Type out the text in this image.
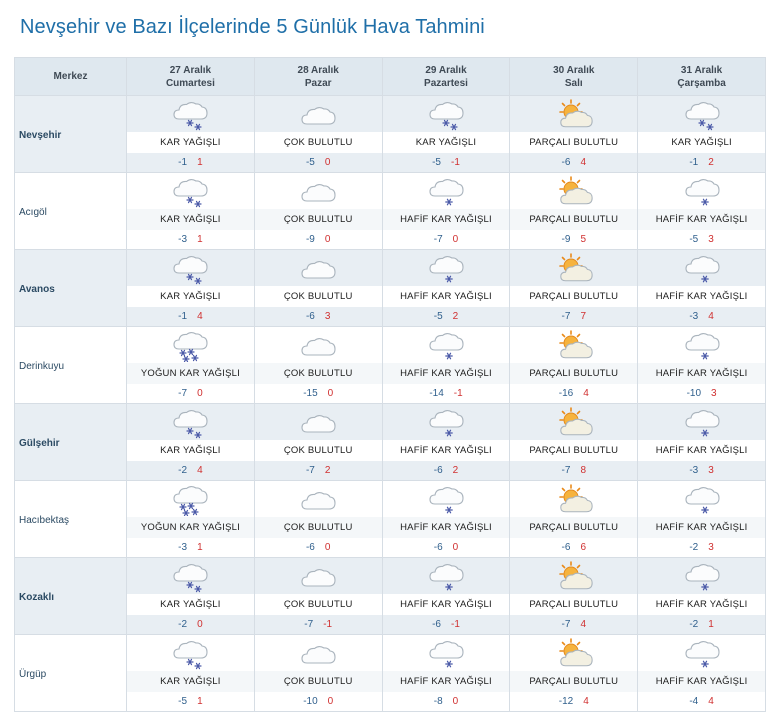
Nevşehir ve Bazı İlçelerinde 5 Günlük Hava Tahmini
Merkez
27 Aralık
Cumartesi
28 Aralık
Pazar
29 Aralık
Pazartesi
30 Aralık
Salı
31 Aralık
Çarşamba
Nevşehir
KAR YAĞIŞLI
-1 1
ÇOK BULUTLU
-5 0
KAR YAĞIŞLI
-5 -1
PARÇALI BULUTLU
-6 4
KAR YAĞIŞLI
-1 2
Acıgöl
KAR YAĞIŞLI
-3 1
ÇOK BULUTLU
-9 0
HAFİF KAR YAĞIŞLI
-7 0
PARÇALI BULUTLU
-9 5
HAFİF KAR YAĞIŞLI
-5 3
Avanos
KAR YAĞIŞLI
-1 4
ÇOK BULUTLU
-6 3
HAFİF KAR YAĞIŞLI
-5 2
PARÇALI BULUTLU
-7 7
HAFİF KAR YAĞIŞLI
-3 4
Derinkuyu
YOĞUN KAR YAĞIŞLI
-7 0
ÇOK BULUTLU
-15 0
HAFİF KAR YAĞIŞLI
-14 -1
PARÇALI BULUTLU
-16 4
HAFİF KAR YAĞIŞLI
-10 3
Gülşehir
KAR YAĞIŞLI
-2 4
ÇOK BULUTLU
-7 2
HAFİF KAR YAĞIŞLI
-6 2
PARÇALI BULUTLU
-7 8
HAFİF KAR YAĞIŞLI
-3 3
Hacıbektaş
YOĞUN KAR YAĞIŞLI
-3 1
ÇOK BULUTLU
-6 0
HAFİF KAR YAĞIŞLI
-6 0
PARÇALI BULUTLU
-6 6
HAFİF KAR YAĞIŞLI
-2 3
Kozaklı
KAR YAĞIŞLI
-2 0
ÇOK BULUTLU
-7 -1
HAFİF KAR YAĞIŞLI
-6 -1
PARÇALI BULUTLU
-7 4
HAFİF KAR YAĞIŞLI
-2 1
Ürgüp
KAR YAĞIŞLI
-5 1
ÇOK BULUTLU
-10 0
HAFİF KAR YAĞIŞLI
-8 0
PARÇALI BULUTLU
-12 4
HAFİF KAR YAĞIŞLI
-4 4
